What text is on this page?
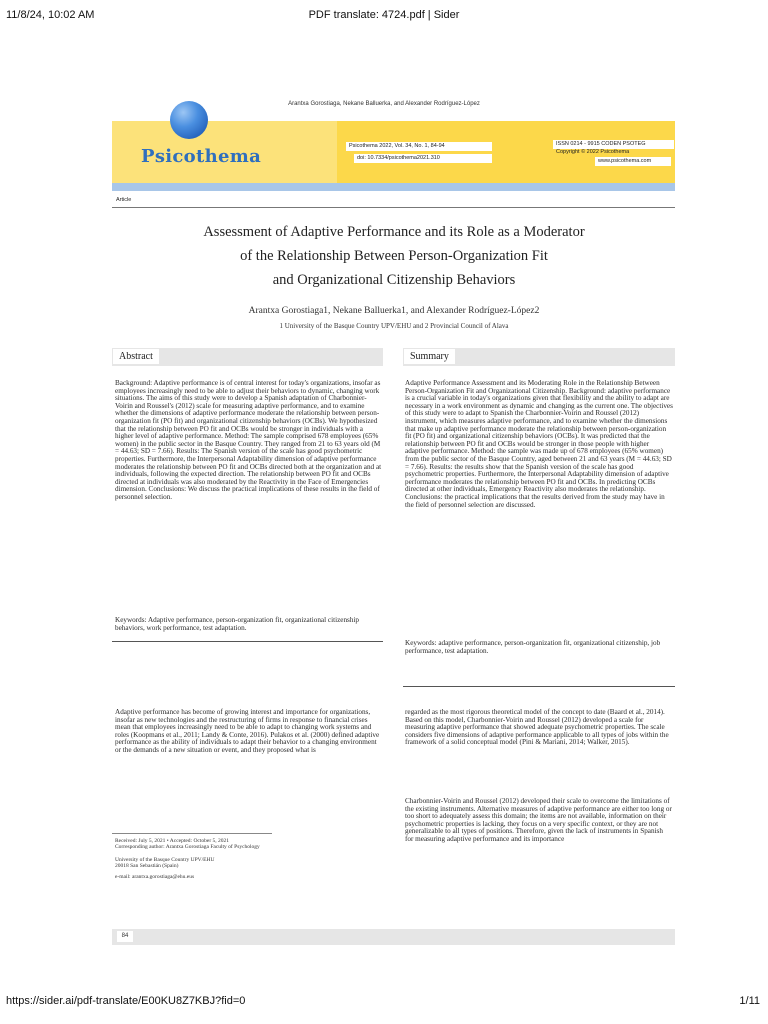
11/8/24, 10:02 AM	PDF translate: 4724.pdf | Sider
https://sider.ai/pdf-translate/E00KU8Z7KBJ?fid=0	1/11
Arantxa Gorostiaga, Nekane Balluerka, and Alexander Rodríguez-López
Psicothema	Psicothema 2022, Vol. 34, No. 1, 84-94
doi: 10.7334/psicothema2021.310
ISSN 0214 - 9915 CODEN PSOTEG
Copyright © 2022 Psicothema
www.psicothema.com
Article
Assessment of Adaptive Performance and its Role as a Moderator
of the Relationship Between Person-Organization Fit
and Organizational Citizenship Behaviors
Arantxa Gorostiaga1, Nekane Balluerka1, and Alexander Rodríguez-López2
1 University of the Basque Country UPV/EHU and 2 Provincial Council of Alava
Abstract	Summary
Background: Adaptive performance is of central interest for today's organizations, insofar as employees increasingly need to be able to adjust their behaviors to dynamic, changing work situations. The aims of this study were to develop a Spanish adaptation of Charbonnier-Voirin and Roussel's (2012) scale for measuring adaptive performance, and to examine whether the dimensions of adaptive performance moderate the relationship between person-organization fit (PO fit) and organizational citizenship behaviors (OCBs). We hypothesized that the relationship between PO fit and OCBs would be stronger in individuals with a higher level of adaptive performance. Method: The sample comprised 678 employees (65% women) in the public sector in the Basque Country. They ranged from 21 to 63 years old (M = 44.63; SD = 7.66). Results: The Spanish version of the scale has good psychometric properties. Furthermore, the Interpersonal Adaptability dimension of adaptive performance moderates the relationship between PO fit and OCBs directed both at the organization and at individuals, following the expected direction. The relationship between PO fit and OCBs directed at individuals was also moderated by the Reactivity in the Face of Emergencies dimension. Conclusions: We discuss the practical implications of these results in the field of personnel selection.
Keywords: Adaptive performance, person-organization fit, organizational citizenship behaviors, work performance, test adaptation.
Adaptive Performance Assessment and its Moderating Role in the Relationship Between Person-Organization Fit and Organizational Citizenship. Background: adaptive performance is a crucial variable in today's organizations given that flexibility and the ability to adapt are necessary in a work environment as dynamic and changing as the current one. The objectives of this study were to adapt to Spanish the Charbonnier-Voirin and Roussel (2012) instrument, which measures adaptive performance, and to examine whether the dimensions that make up adaptive performance moderate the relationship between person-organization fit (PO fit) and organizational citizenship behaviors (OCBs). It was predicted that the relationship between PO fit and OCBs would be stronger in those people with higher adaptive performance. Method: the sample was made up of 678 employees (65% women) from the public sector of the Basque Country, aged between 21 and 63 years (M = 44.63; SD = 7.66). Results: the results show that the Spanish version of the scale has good psychometric properties. Furthermore, the Interpersonal Adaptability dimension of adaptive performance moderates the relationship between PO fit and OCBs. In predicting OCBs directed at other individuals, Emergency Reactivity also moderates the relationship. Conclusions: the practical implications that the results derived from the study may have in the field of personnel selection are discussed.
Keywords: adaptive performance, person-organization fit, organizational citizenship, job performance, test adaptation.
Adaptive performance has become of growing interest and importance for organizations, insofar as new technologies and the restructuring of firms in response to financial crises mean that employees increasingly need to be able to adapt to changing work systems and roles (Koopmans et al., 2011; Landy & Conte, 2016). Pulakos et al. (2000) defined adaptive performance as the ability of individuals to adapt their behavior to a changing environment or the demands of a new situation or event, and they proposed what is
regarded as the most rigorous theoretical model of the concept to date (Baard et al., 2014). Based on this model, Charbonnier-Voirin and Roussel (2012) developed a scale for measuring adaptive performance that showed adequate psychometric properties. The scale considers five dimensions of adaptive performance applicable to all types of jobs within the framework of a solid conceptual model (Pini & Mariani, 2014; Walker, 2015).
Charbonnier-Voirin and Roussel (2012) developed their scale to overcome the limitations of the existing instruments. Alternative measures of adaptive performance are either too long or too short to adequately assess this domain; the items are not available, information on their psychometric properties is lacking, they focus on a very specific context, or they are not generalizable to all types of positions. Therefore, given the lack of instruments in Spanish for measuring adaptive performance and its importance
Received: July 5, 2021 • Accepted: October 5, 2021
Corresponding author: Arantxa Gorostiaga Faculty of Psychology
University of the Basque Country UPV/EHU
20018 San Sebastián (Spain)
e-mail: arantxa.gorostiaga@ehu.eus
84
